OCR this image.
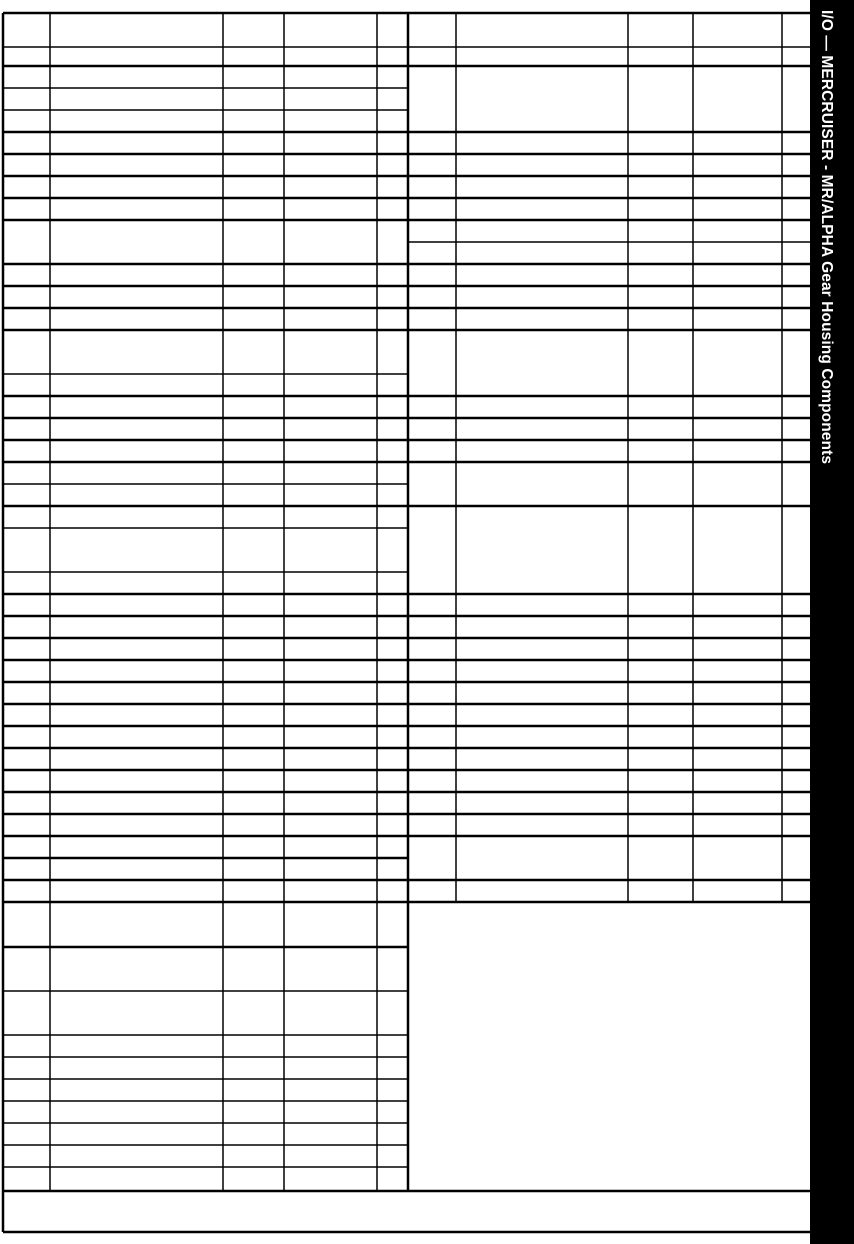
I/O — MERCRUISER - MR/ALPHA Gear Housing Components
